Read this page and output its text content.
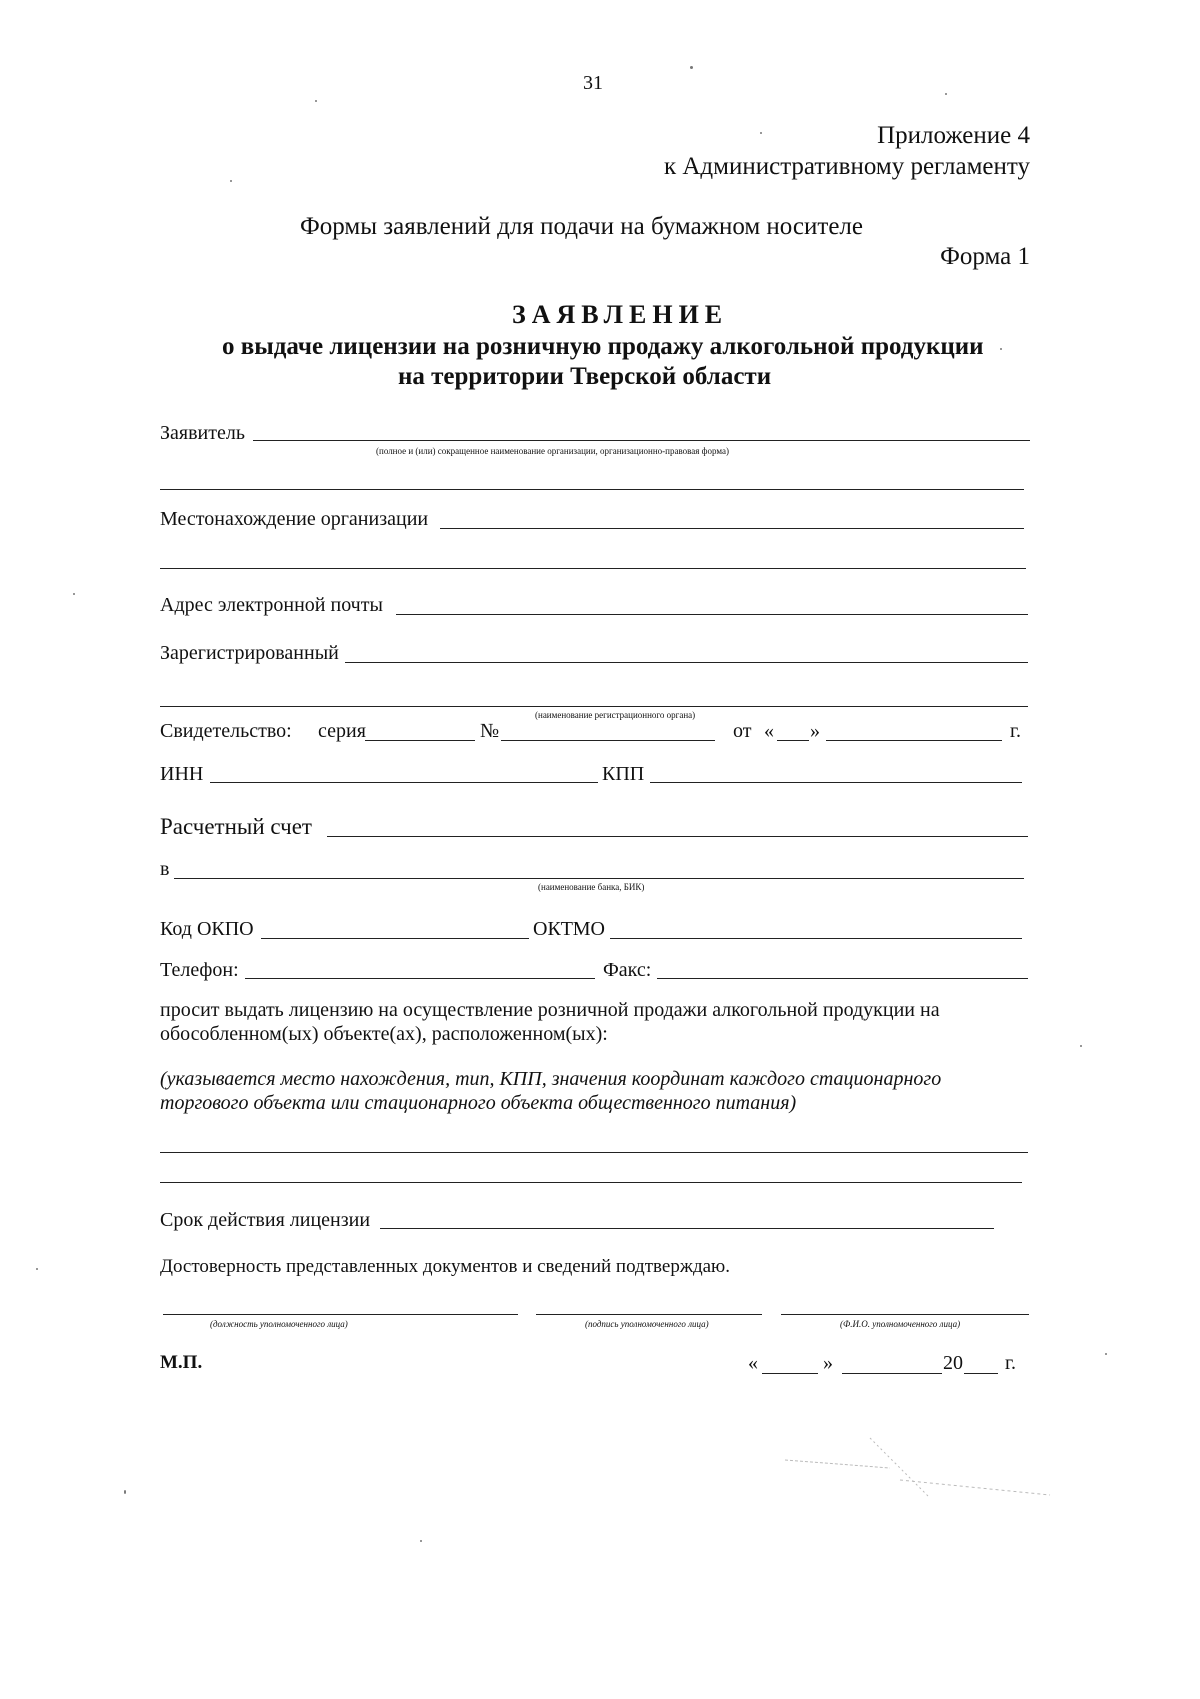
31
Приложение 4
к Административному регламенту
Формы заявлений для подачи на бумажном носителе
Форма 1
ЗАЯВЛЕНИЕ
о выдаче лицензии на розничную продажу алкогольной продукции
на территории Тверской области
Заявитель
(полное и (или) сокращенное наименование организации, организационно-правовая форма)
Местонахождение организации
Адрес электронной почты
Зарегистрированный
(наименование регистрационного органа)
Свидетельство: серия	№	от « »	г.
ИНН	КПП
Расчетный счет
в
(наименование банка, БИК)
Код ОКПО	ОКТМО
Телефон:	Факс:
просит выдать лицензию на осуществление розничной продажи алкогольной продукции на
обособленном(ых) объекте(ах), расположенном(ых):
(указывается место нахождения, тип, КПП, значения координат каждого стационарного
торгового объекта или стационарного объекта общественного питания)
Срок действия лицензии
Достоверность представленных документов и сведений подтверждаю.
(должность уполномоченного лица)	(подпись уполномоченного лица)	(Ф.И.О. уполномоченного лица)
М.П.	«	»	20 г.
